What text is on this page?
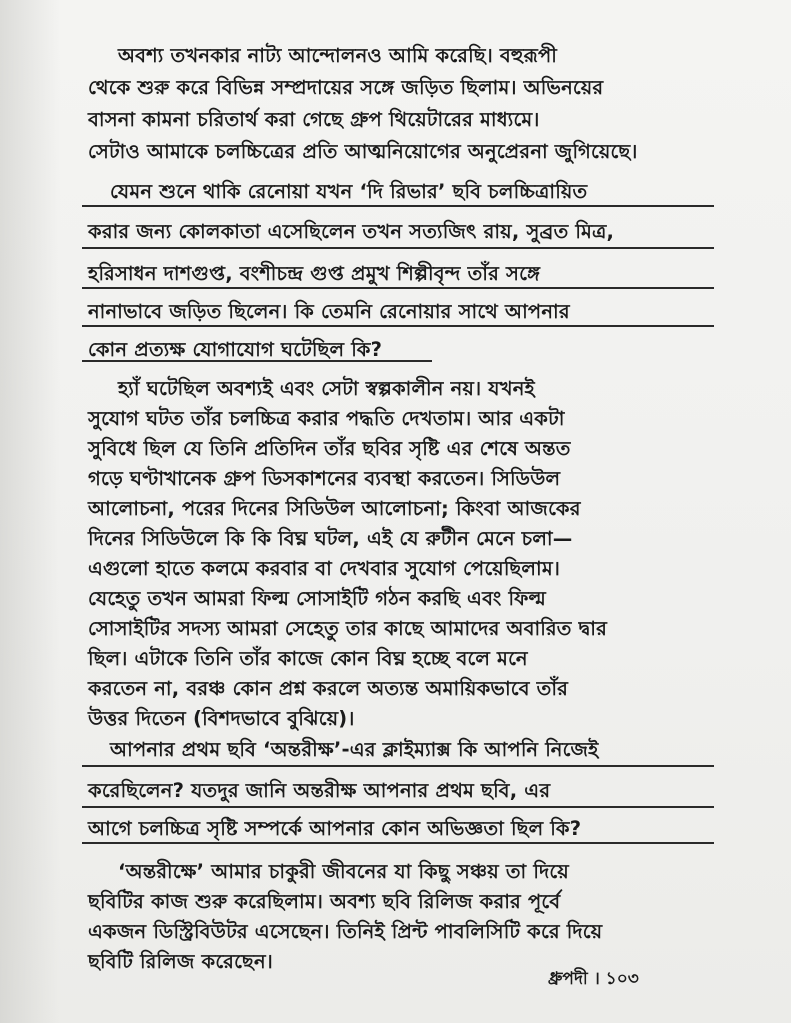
অবশ্য তখনকার নাট্য আন্দোলনও আমি করেছি। বহুরূপী
থেকে শুরু করে বিভিন্ন সম্প্রদায়ের সঙ্গে জড়িত ছিলাম। অভিনয়ের
বাসনা কামনা চরিতার্থ করা গেছে গ্রুপ থিয়েটারের মাধ্যমে।
সেটাও আমাকে চলচ্চিত্রের প্রতি আত্মনিয়োগের অনুপ্রেরনা জুগিয়েছে।
যেমন শুনে থাকি রেনোয়া যখন ‘দি রিভার’ ছবি চলচ্চিত্রায়িত
করার জন্য কোলকাতা এসেছিলেন তখন সত্যজিৎ রায়, সুব্রত মিত্র,
হরিসাধন দাশগুপ্ত, বংশীচন্দ্র গুপ্ত প্রমুখ শিল্পীবৃন্দ তাঁর সঙ্গে
নানাভাবে জড়িত ছিলেন। কি তেমনি রেনোয়ার সাথে আপনার
কোন প্রত্যক্ষ যোগাযোগ ঘটেছিল কি?
হ্যাঁ ঘটেছিল অবশ্যই এবং সেটা স্বল্পকালীন নয়। যখনই
সুযোগ ঘটত তাঁর চলচ্চিত্র করার পদ্ধতি দেখতাম। আর একটা
সুবিধে ছিল যে তিনি প্রতিদিন তাঁর ছবির সৃষ্টি এর শেষে অন্তত
গড়ে ঘণ্টাখানেক গ্রুপ ডিসকাশনের ব্যবস্থা করতেন। সিডিউল
আলোচনা, পরের দিনের সিডিউল আলোচনা; কিংবা আজকের
দিনের সিডিউলে কি কি বিঘ্ন ঘটল, এই যে রুটীন মেনে চলা—
এগুলো হাতে কলমে করবার বা দেখবার সুযোগ পেয়েছিলাম।
যেহেতু তখন আমরা ফিল্ম সোসাইটি গঠন করছি এবং ফিল্ম
সোসাইটির সদস্য আমরা সেহেতু তার কাছে আমাদের অবারিত দ্বার
ছিল। এটাকে তিনি তাঁর কাজে কোন বিঘ্ন হচ্ছে বলে মনে
করতেন না, বরঞ্চ কোন প্রশ্ন করলে অত্যন্ত অমায়িকভাবে তাঁর
উত্তর দিতেন (বিশদভাবে বুঝিয়ে)।
আপনার প্রথম ছবি ‘অন্তরীক্ষ’-এর ক্লাইম্যাক্স কি আপনি নিজেই
করেছিলেন? যতদুর জানি অন্তরীক্ষ আপনার প্রথম ছবি, এর
আগে চলচ্চিত্র সৃষ্টি সম্পর্কে আপনার কোন অভিজ্ঞতা ছিল কি?
‘অন্তরীক্ষে’ আমার চাকুরী জীবনের যা কিছু সঞ্চয় তা দিয়ে
ছবিটির কাজ শুরু করেছিলাম। অবশ্য ছবি রিলিজ করার পূর্বে
একজন ডিস্ট্রিবিউটর এসেছেন। তিনিই প্রিন্ট পাবলিসিটি করে দিয়ে
ছবিটি রিলিজ করেছেন।
ধ্রুপদী । ১০৩
